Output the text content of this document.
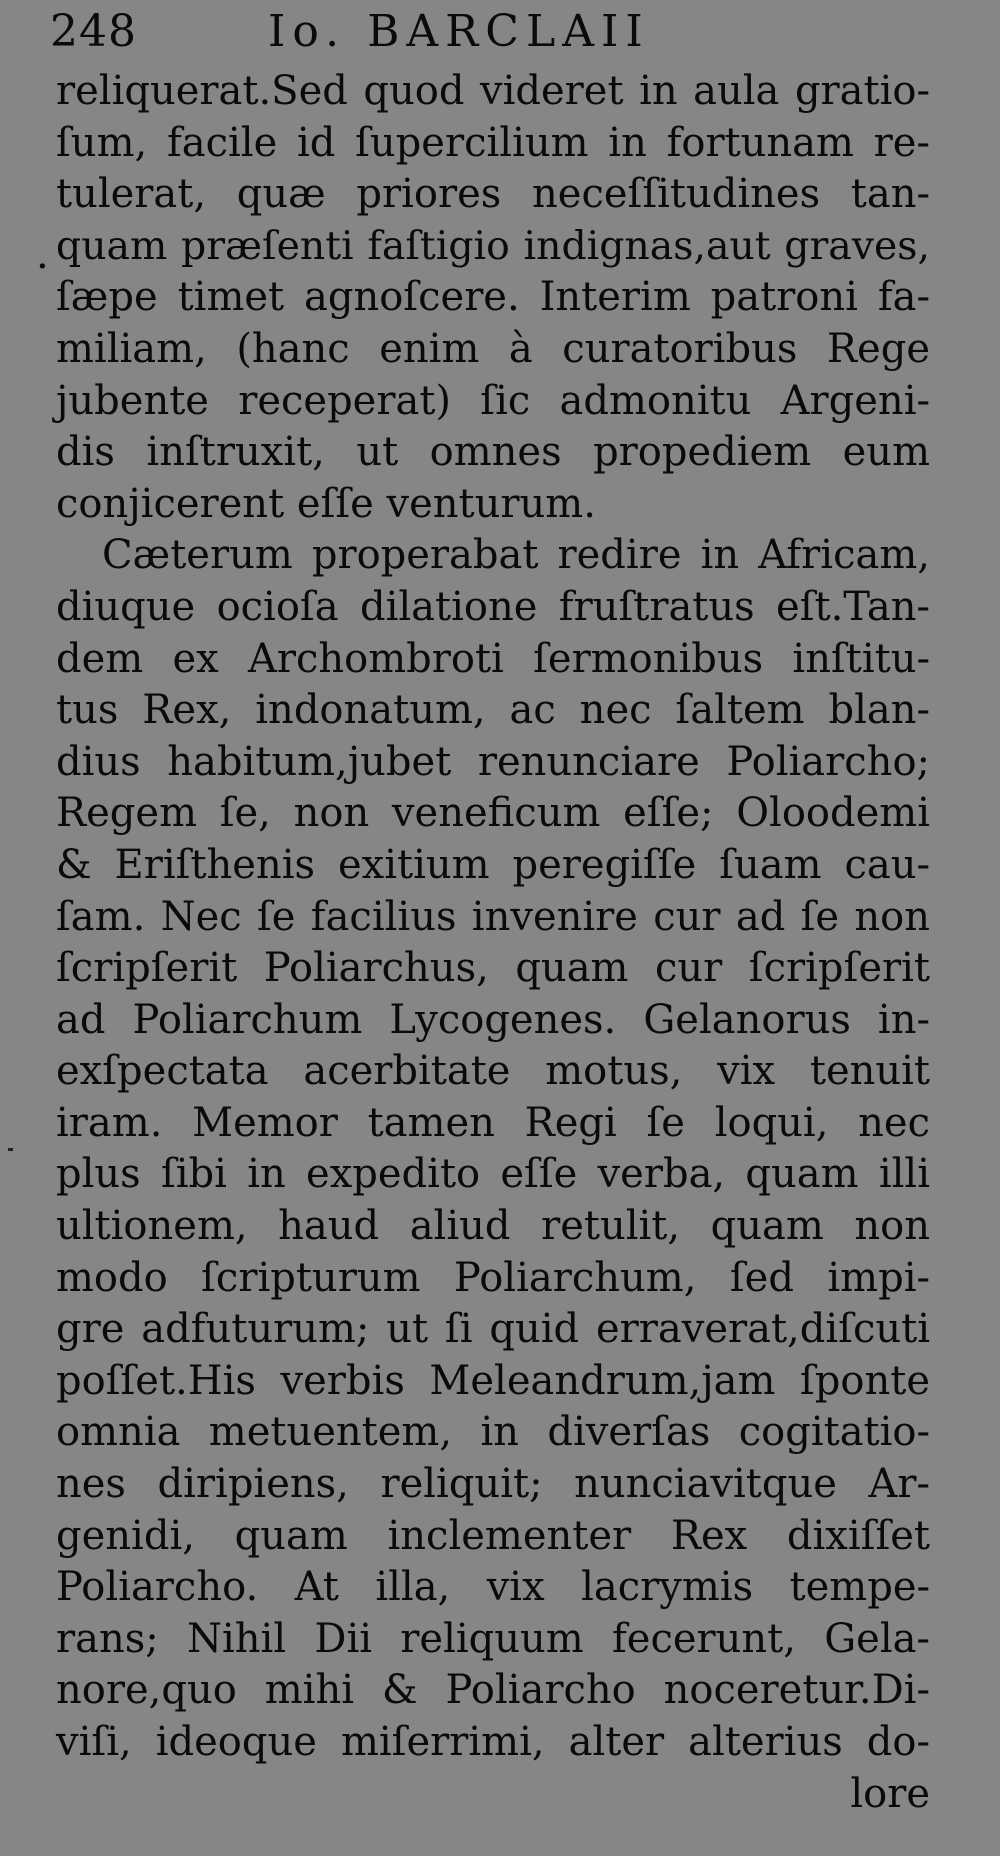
248	Io. BARCLAII
.
reliquerat.Sed quod videret in aula gratio-
ſum, facile id ſupercilium in fortunam re-
tulerat, quæ priores neceſſitudines tan-
quam præſenti faſtigio indignas,aut graves,
ſæpe timet agnoſcere. Interim patroni fa-
miliam, (hanc enim à curatoribus Rege
jubente receperat) ſic admonitu Argeni-
dis inſtruxit, ut omnes propediem eum
conjicerent eſſe venturum.
Cæterum properabat redire in Africam,
diuque ocioſa dilatione fruſtratus eſt.Tan-
dem ex Archombroti ſermonibus inſtitu-
tus Rex, indonatum, ac nec ſaltem blan-
dius habitum,jubet renunciare Poliarcho;
Regem ſe, non veneficum eſſe; Oloodemi
& Eriſthenis exitium peregiſſe ſuam cau-
ſam. Nec ſe facilius invenire cur ad ſe non
ſcripſerit Poliarchus, quam cur ſcripſerit
ad Poliarchum Lycogenes. Gelanorus in-
exſpectata acerbitate motus, vix tenuit
iram. Memor tamen Regi ſe loqui, nec
plus ſibi in expedito eſſe verba, quam illi
ultionem, haud aliud retulit, quam non
modo ſcripturum Poliarchum, ſed impi-
gre adfuturum; ut ſi quid erraverat,diſcuti
poſſet.His verbis Meleandrum,jam ſponte
omnia metuentem, in diverſas cogitatio-
nes diripiens, reliquit; nunciavitque Ar-
genidi, quam inclementer Rex dixiſſet
Poliarcho. At illa, vix lacrymis tempe-
rans; Nihil Dii reliquum fecerunt, Gela-
nore,quo mihi & Poliarcho noceretur.Di-
viſi, ideoque miſerrimi, alter alterius do-
lore
